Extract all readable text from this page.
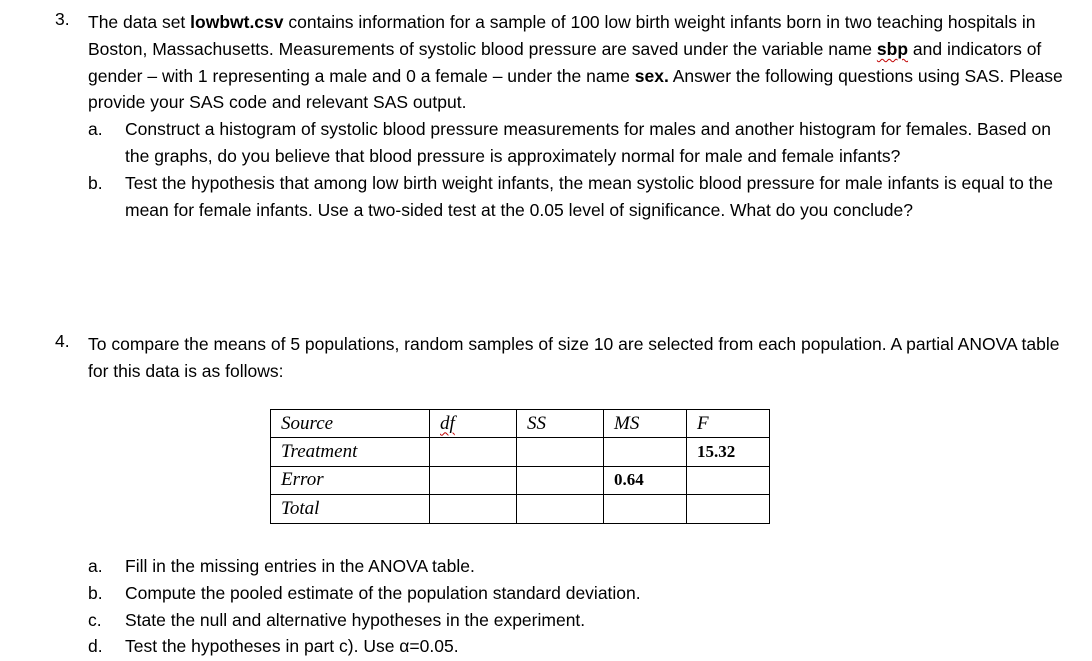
3. The data set lowbwt.csv contains information for a sample of 100 low birth weight infants born in two teaching hospitals in Boston, Massachusetts. Measurements of systolic blood pressure are saved under the variable name sbp and indicators of gender – with 1 representing a male and 0 a female – under the name sex. Answer the following questions using SAS. Please provide your SAS code and relevant SAS output.
a. Construct a histogram of systolic blood pressure measurements for males and another histogram for females. Based on the graphs, do you believe that blood pressure is approximately normal for male and female infants?
b. Test the hypothesis that among low birth weight infants, the mean systolic blood pressure for male infants is equal to the mean for female infants. Use a two-sided test at the 0.05 level of significance. What do you conclude?
4. To compare the means of 5 populations, random samples of size 10 are selected from each population. A partial ANOVA table for this data is as follows:
Source	df	SS	MS	F
Treatment				15.32
Error			0.64	
Total				
a. Fill in the missing entries in the ANOVA table.
b. Compute the pooled estimate of the population standard deviation.
c. State the null and alternative hypotheses in the experiment.
d. Test the hypotheses in part c). Use α=0.05.
